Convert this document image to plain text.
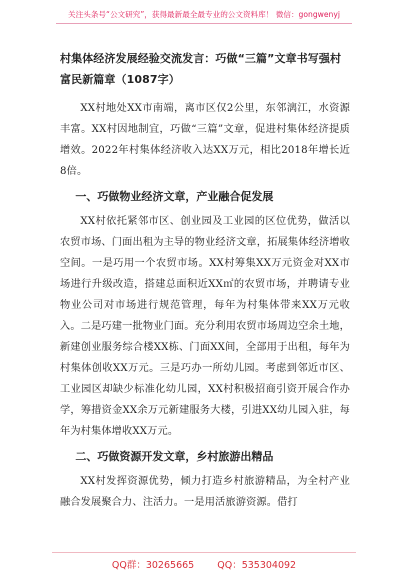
关注头条号“公文研究”，获得最新最全最专业的公文资料库！ 微信：gongwenyj
村集体经济发展经验交流发言：巧做“三篇”文章书写强村富民新篇章（1087字）

XX村地处XX市南端，离市区仅2公里，东邻漓江，水资源丰富。XX村因地制宜，巧做“三篇”文章，促进村集体经济提质增效。2022年村集体经济收入达XX万元，相比2018年增长近8倍。

一、巧做物业经济文章，产业融合促发展

XX村依托紧邻市区、创业园及工业园的区位优势，做活以农贸市场、门面出租为主导的物业经济文章，拓展集体经济增收空间。一是巧用一个农贸市场。XX村筹集XX万元资金对XX市场进行升级改造，搭建总面积近XX㎡的农贸市场，并聘请专业物业公司对市场进行规范管理，每年为村集体带来XX万元收入。二是巧建一批物业门面。充分利用农贸市场周边空余土地，新建创业服务综合楼XX栋、门面XX间，全部用于出租，每年为村集体创收XX万元。三是巧办一所幼儿园。考虑到邻近市区、工业园区却缺少标准化幼儿园，XX村积极招商引资开展合作办学，筹措资金XX余万元新建服务大楼，引进XX幼儿园入驻，每年为村集体增收XX万元。

二、巧做资源开发文章，乡村旅游出精品

XX村发挥资源优势，倾力打造乡村旅游精品，为全村产业融合发展聚合力、注活力。一是用活旅游资源。借打

QQ群：30265665 QQ：535304092
